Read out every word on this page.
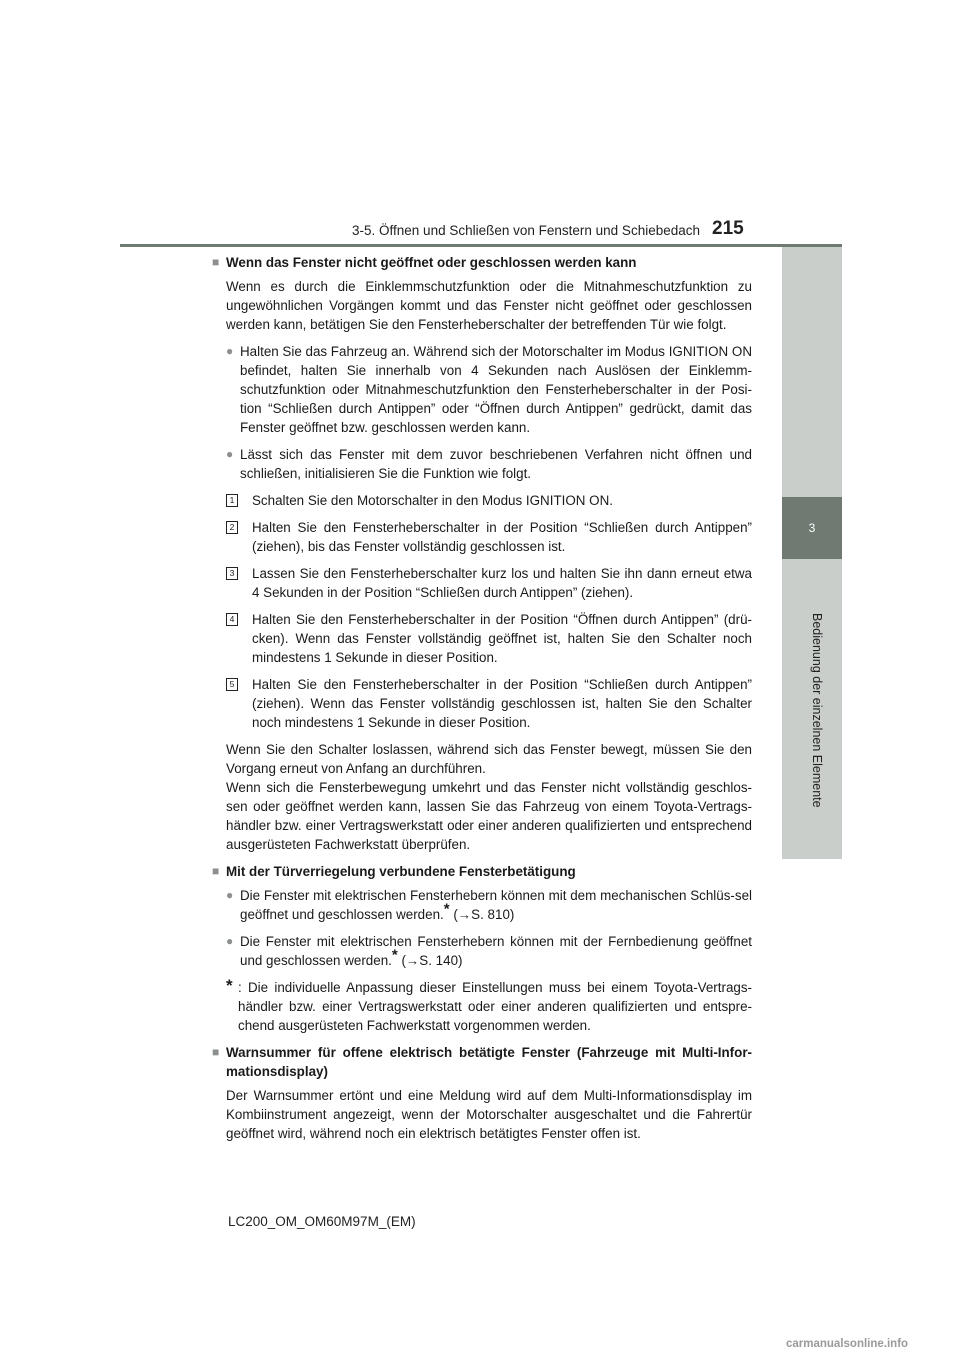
3-5. Öffnen und Schließen von Fenstern und Schiebedach 215
3
Bedienung der einzelnen Elemente
■ Wenn das Fenster nicht geöffnet oder geschlossen werden kann
Wenn es durch die Einklemmschutzfunktion oder die Mitnahmeschutzfunktion zu ungewöhnlichen Vorgängen kommt und das Fenster nicht geöffnet oder geschlossen werden kann, betätigen Sie den Fensterheberschalter der betreffenden Tür wie folgt.
● Halten Sie das Fahrzeug an. Während sich der Motorschalter im Modus IGNITION ON befindet, halten Sie innerhalb von 4 Sekunden nach Auslösen der Einklemm-schutzfunktion oder Mitnahmeschutzfunktion den Fensterheberschalter in der Posi-tion “Schließen durch Antippen” oder “Öffnen durch Antippen” gedrückt, damit das Fenster geöffnet bzw. geschlossen werden kann.
● Lässt sich das Fenster mit dem zuvor beschriebenen Verfahren nicht öffnen und schließen, initialisieren Sie die Funktion wie folgt.
1 Schalten Sie den Motorschalter in den Modus IGNITION ON.
2 Halten Sie den Fensterheberschalter in der Position “Schließen durch Antippen” (ziehen), bis das Fenster vollständig geschlossen ist.
3 Lassen Sie den Fensterheberschalter kurz los und halten Sie ihn dann erneut etwa 4 Sekunden in der Position “Schließen durch Antippen” (ziehen).
4 Halten Sie den Fensterheberschalter in der Position “Öffnen durch Antippen” (drü-cken). Wenn das Fenster vollständig geöffnet ist, halten Sie den Schalter noch mindestens 1 Sekunde in dieser Position.
5 Halten Sie den Fensterheberschalter in der Position “Schließen durch Antippen” (ziehen). Wenn das Fenster vollständig geschlossen ist, halten Sie den Schalter noch mindestens 1 Sekunde in dieser Position.
Wenn Sie den Schalter loslassen, während sich das Fenster bewegt, müssen Sie den Vorgang erneut von Anfang an durchführen.
Wenn sich die Fensterbewegung umkehrt und das Fenster nicht vollständig geschlos-sen oder geöffnet werden kann, lassen Sie das Fahrzeug von einem Toyota-Vertrags-händler bzw. einer Vertragswerkstatt oder einer anderen qualifizierten und entsprechend ausgerüsteten Fachwerkstatt überprüfen.
■ Mit der Türverriegelung verbundene Fensterbetätigung
● Die Fenster mit elektrischen Fensterhebern können mit dem mechanischen Schlüs-sel geöffnet und geschlossen werden.* (→S. 810)
● Die Fenster mit elektrischen Fensterhebern können mit der Fernbedienung geöffnet und geschlossen werden.* (→S. 140)
* : Die individuelle Anpassung dieser Einstellungen muss bei einem Toyota-Vertrags-händler bzw. einer Vertragswerkstatt oder einer anderen qualifizierten und entspre-chend ausgerüsteten Fachwerkstatt vorgenommen werden.
■ Warnsummer für offene elektrisch betätigte Fenster (Fahrzeuge mit Multi-Infor-mationsdisplay)
Der Warnsummer ertönt und eine Meldung wird auf dem Multi-Informationsdisplay im Kombiinstrument angezeigt, wenn der Motorschalter ausgeschaltet und die Fahrertür geöffnet wird, während noch ein elektrisch betätigtes Fenster offen ist.
LC200_OM_OM60M97M_(EM)
carmanualsonline.info
